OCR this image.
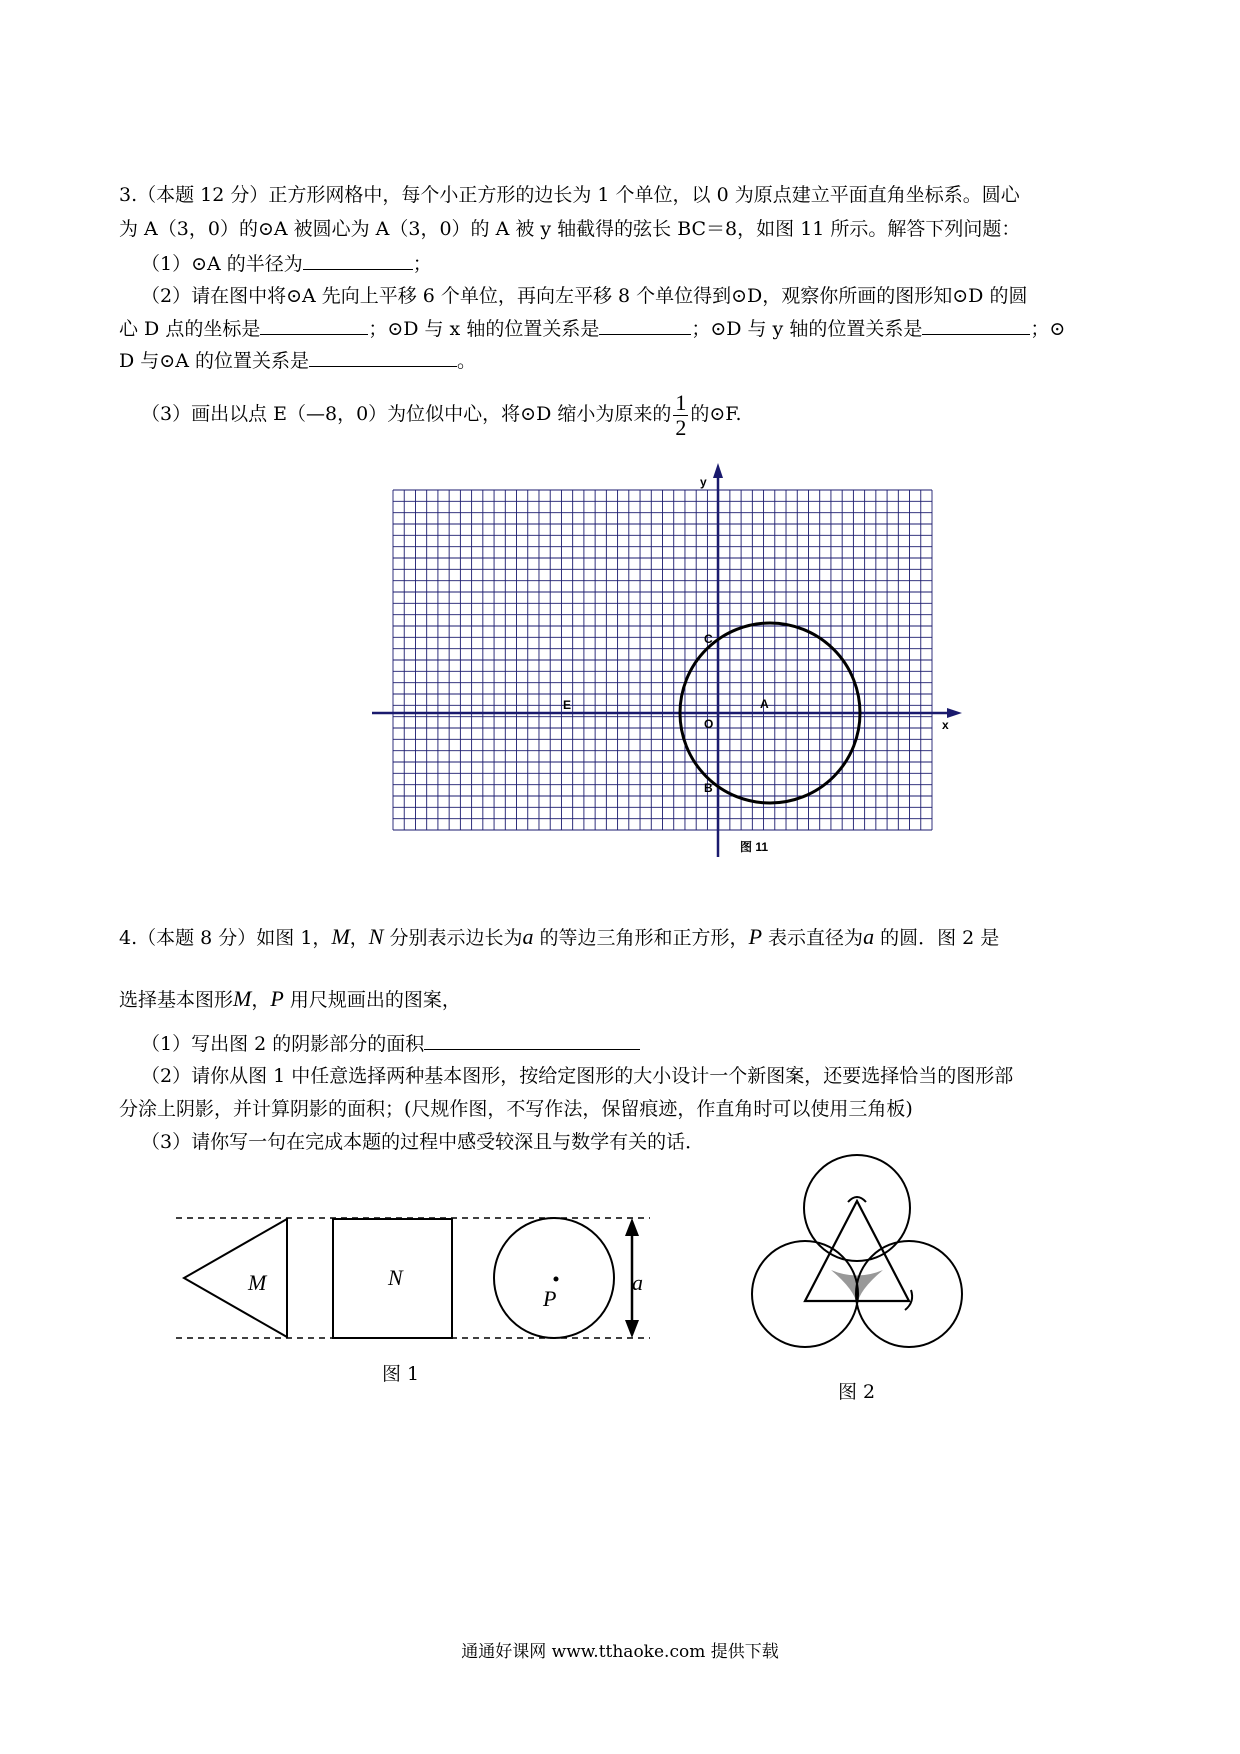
3.（本题 12 分）正方形网格中，每个小正方形的边长为 1 个单位，以 0 为原点建立平面直角坐标系。圆心
为 A（3，0）的⊙A 被圆心为 A（3，0）的 A 被 y 轴截得的弦长 BC＝8，如图 11 所示。解答下列问题：
（1）⊙A 的半径为	；
（2）请在图中将⊙A 先向上平移 6 个单位，再向左平移 8 个单位得到⊙D，观察你所画的图形知⊙D 的圆
心 D 点的坐标是	；⊙D 与 x 轴的位置关系是	；⊙D 与 y 轴的位置关系是	；⊙
D 与⊙A 的位置关系是	。
（3）画出以点 E（—8，0）为位似中心，将⊙D 缩小为原来的 $\frac{1}{2}$ 的⊙F.
y
x
C
A
O
E
B
图 11
4.（本题 8 分）如图 1，M，N 分别表示边长为a 的等边三角形和正方形，P 表示直径为a 的圆．图 2 是
选择基本图形M，P 用尺规画出的图案，
（1）写出图 2 的阴影部分的面积
（2）请你从图 1 中任意选择两种基本图形，按给定图形的大小设计一个新图案，还要选择恰当的图形部
分涂上阴影，并计算阴影的面积；(尺规作图，不写作法，保留痕迹，作直角时可以使用三角板)
（3）请你写一句在完成本题的过程中感受较深且与数学有关的话．
M	N
P
a
图 1
图 2
通通好课网 www.tthaoke.com 提供下载
